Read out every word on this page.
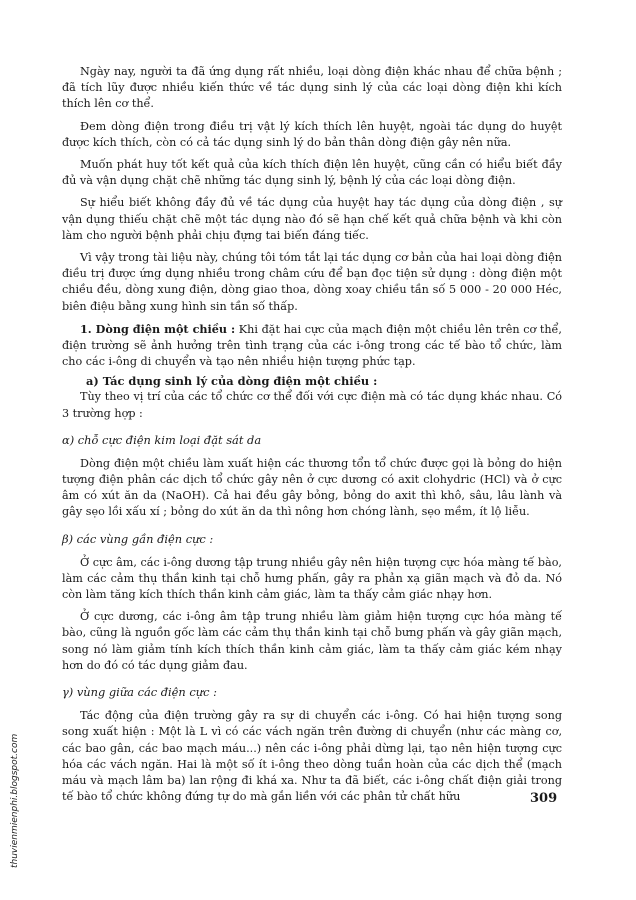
Ngày nay, người ta đã ứng dụng rất nhiều, loại dòng điện khác nhau để chữa bệnh ; đã tích lũy được nhiều kiến thức về tác dụng sinh lý của các loại dòng điện khi kích thích lên cơ thể.

Đem dòng điện trong điều trị vật lý kích thích lên huyệt, ngoài tác dụng do huyệt được kích thích, còn có cả tác dụng sinh lý do bản thân dòng điện gây nên nữa.

Muốn phát huy tốt kết quả của kích thích điện lên huyệt, cũng cần có hiểu biết đầy đủ và vận dụng chặt chẽ những tác dụng sinh lý, bệnh lý của các loại dòng điện.

Sự hiểu biết không đầy đủ về tác dụng của huyệt hay tác dụng của dòng điện , sự vận dụng thiếu chặt chẽ một tác dụng nào đó sẽ hạn chế kết quả chữa bệnh và khi còn làm cho người bệnh phải chịu đựng tai biến đáng tiếc.

Vì vậy trong tài liệu này, chúng tôi tóm tắt lại tác dụng cơ bản của hai loại dòng điện điều trị được ứng dụng nhiều trong châm cứu để bạn đọc tiện sử dụng : dòng điện một chiều đều, dòng xung điện, dòng giao thoa, dòng xoay chiều tần số 5 000 - 20 000 Héc, biên điệu bằng xung hình sin tần số thấp.

1. Dòng điện một chiều : Khi đặt hai cực của mạch điện một chiều lên trên cơ thể, điện trường sẽ ảnh hưởng trên tình trạng của các i-ông trong các tế bào tổ chức, làm cho các i-ông di chuyển và tạo nên nhiều hiện tượng phức tạp.

a) Tác dụng sinh lý của dòng điện một chiều :

Tùy theo vị trí của các tổ chức cơ thể đối với cực điện mà có tác dụng khác nhau. Có 3 trường hợp :

α) chỗ cực điện kim loại đặt sát da

Dòng điện một chiều làm xuất hiện các thương tổn tổ chức được gọi là bỏng do hiện tượng điện phân các dịch tổ chức gây nên ở cực dương có axit clohydric (HCl) và ở cực âm có xút ăn da (NaOH). Cả hai đều gây bỏng, bỏng do axit thì khô, sâu, lâu lành và gây sẹo lồi xấu xí ; bỏng do xút ăn da thì nông hơn chóng lành, sẹo mềm, ít lộ liễu.

β) các vùng gần điện cực :

Ở cực âm, các i-ông dương tập trung nhiều gây nên hiện tượng cực hóa màng tế bào, làm các cảm thụ thần kinh tại chỗ hưng phấn, gây ra phản xạ giãn mạch và đỏ da. Nó còn làm tăng kích thích thần kinh cảm giác, làm ta thấy cảm giác nhạy hơn.

Ở cực dương, các i-ông âm tập trung nhiều làm giảm hiện tượng cực hóa màng tế bào, cũng là nguồn gốc làm các cảm thụ thần kinh tại chỗ bưng phấn và gây giãn mạch, song nó làm giảm tính kích thích thần kinh cảm giác, làm ta thấy cảm giác kém nhạy hơn do đó có tác dụng giảm đau.

γ) vùng giữa các điện cực :

Tác động của điện trường gây ra sự di chuyển các i-ông. Có hai hiện tượng song song xuất hiện : Một là L vì có các vách ngăn trên đường di chuyển (như các màng cơ, các bao gân, các bao mạch máu...) nên các i-ông phải dừng lại, tạo nên hiện tượng cực hóa các vách ngăn. Hai là một số ít i-ông theo dòng tuần hoàn của các dịch thể (mạch máu và mạch lâm ba) lan rộng đi khá xa. Như ta đã biết, các i-ông chất điện giải trong tế bào tổ chức không đứng tự do mà gắn liền với các phân tử chất hữu	309
thuvienmienphi.blogspot.com
